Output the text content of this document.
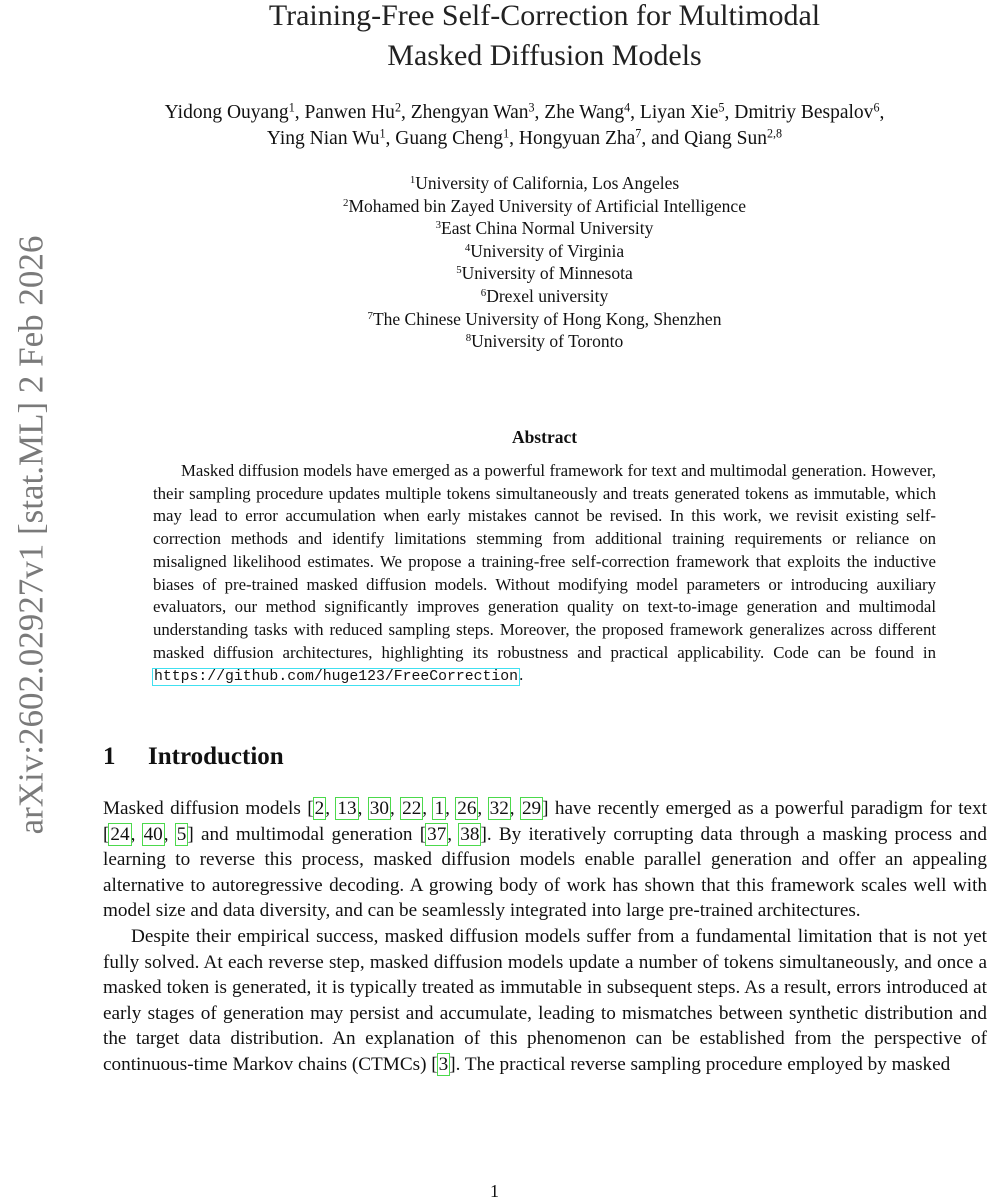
arXiv:2602.02927v1 [stat.ML] 2 Feb 2026
Training-Free Self-Correction for Multimodal
Masked Diffusion Models
Yidong Ouyang$^1$, Panwen Hu$^2$, Zhengyan Wan$^3$, Zhe Wang$^4$, Liyan Xie$^5$, Dmitriy Bespalov$^6$,
Ying Nian Wu$^1$, Guang Cheng$^1$, Hongyuan Zha$^7$, and Qiang Sun$^{2,8}$
$^1$University of California, Los Angeles
$^2$Mohamed bin Zayed University of Artificial Intelligence
$^3$East China Normal University
$^4$University of Virginia
$^5$University of Minnesota
$^6$Drexel university
$^7$The Chinese University of Hong Kong, Shenzhen
$^8$University of Toronto
Abstract
Masked diffusion models have emerged as a powerful framework for text and multimodal generation. However, their sampling procedure updates multiple tokens simultaneously and treats generated tokens as immutable, which may lead to error accumulation when early mistakes cannot be revised. In this work, we revisit existing self-correction methods and identify limitations stemming from additional training requirements or reliance on misaligned likelihood estimates. We propose a training-free self-correction framework that exploits the inductive biases of pre-trained masked diffusion models. Without modifying model parameters or introducing auxiliary evaluators, our method significantly improves generation quality on text-to-image generation and multimodal understanding tasks with reduced sampling steps. Moreover, the proposed framework generalizes across different masked diffusion architectures, highlighting its robustness and practical applicability. Code can be found in https://github.com/huge123/FreeCorrection.
1 Introduction

Masked diffusion models [2, 13, 30, 22, 1, 26, 32, 29] have recently emerged as a powerful paradigm for text [24, 40, 5] and multimodal generation [37, 38]. By iteratively corrupting data through a masking process and learning to reverse this process, masked diffusion models enable parallel generation and offer an appealing alternative to autoregressive decoding. A growing body of work has shown that this framework scales well with model size and data diversity, and can be seamlessly integrated into large pre-trained architectures.

Despite their empirical success, masked diffusion models suffer from a fundamental limitation that is not yet fully solved. At each reverse step, masked diffusion models update a number of tokens simultaneously, and once a masked token is generated, it is typically treated as immutable in subsequent steps. As a result, errors introduced at early stages of generation may persist and accumulate, leading to mismatches between synthetic distribution and the target data distribution. An explanation of this phenomenon can be established from the perspective of continuous-time Markov chains (CTMCs) [3]. The practical reverse sampling procedure employed by masked

1
